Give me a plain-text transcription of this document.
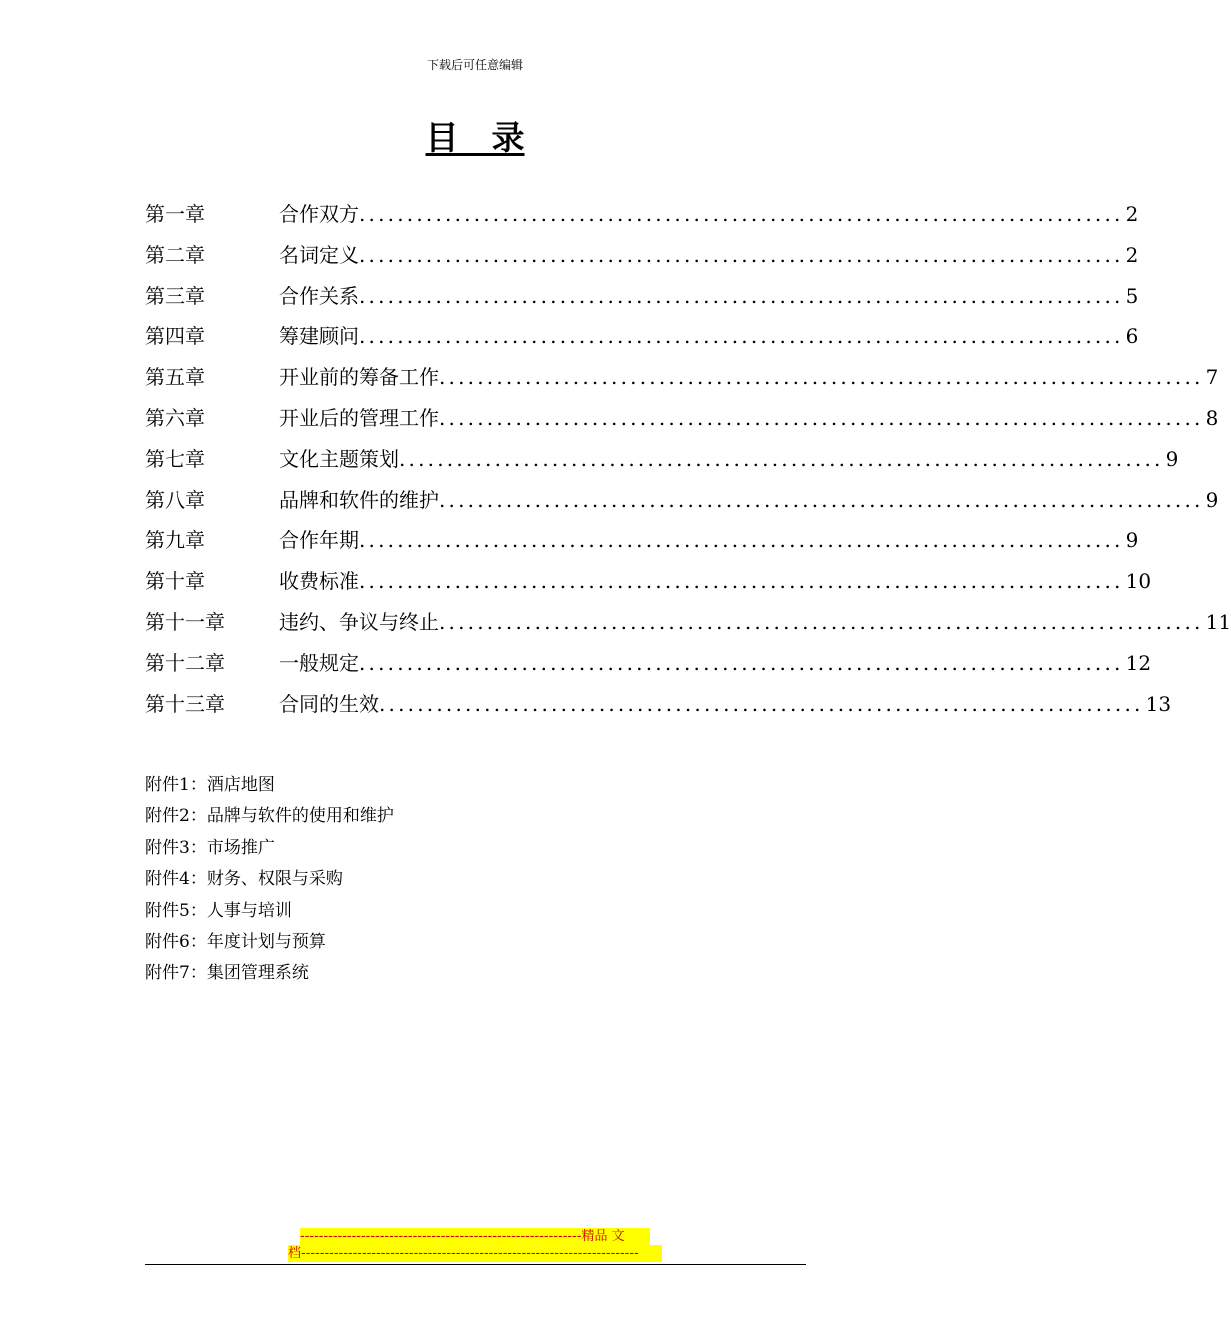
下载后可任意编辑
目　录
第一章	合作双方 ................................................................................ 2
第二章	名词定义 ................................................................................ 2
第三章	合作关系 ................................................................................ 5
第四章	筹建顾问 ................................................................................ 6
第五章	开业前的筹备工作 ................................................................................ 7
第六章	开业后的管理工作 ................................................................................ 8
第七章	文化主题策划 ................................................................................ 9
第八章	品牌和软件的维护 ................................................................................ 9
第九章	合作年期 ................................................................................ 9
第十章	收费标准 ................................................................................ 10
第十一章	违约、争议与终止 ................................................................................ 11
第十二章	一般规定 ................................................................................ 12
第十三章	合同的生效 ................................................................................ 13
附件1：酒店地图
附件2：品牌与软件的使用和维护
附件3：市场推广
附件4：财务、权限与采购
附件5：人事与培训
附件6：年度计划与预算
附件7：集团管理系统
------------------------------------------------------------精品 文
档------------------------------------------------------------------------
